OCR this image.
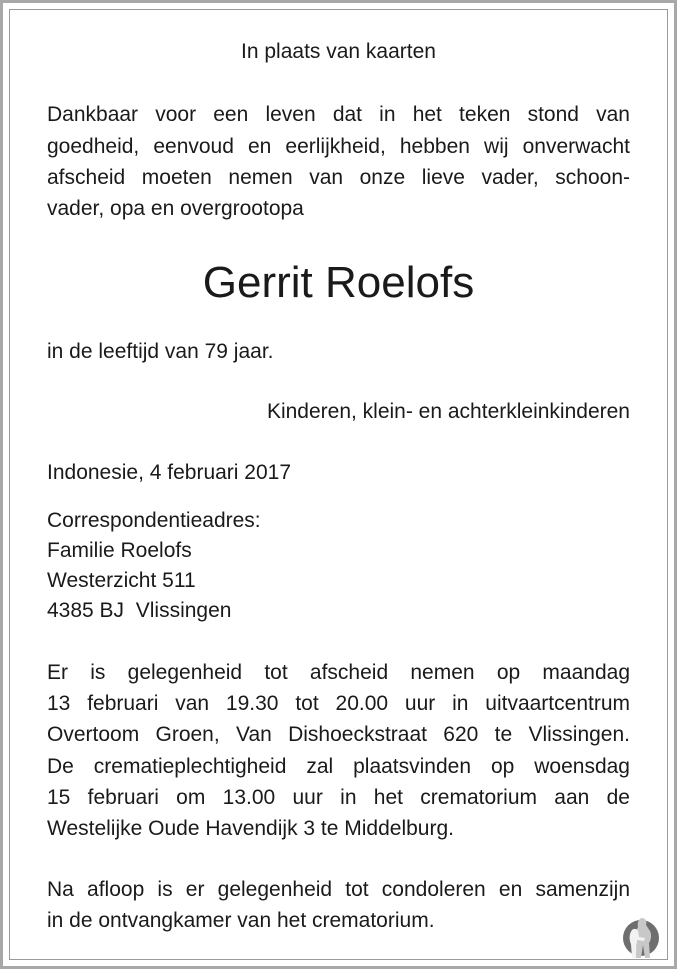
In plaats van kaarten
Dankbaar voor een leven dat in het teken stond van
goedheid, eenvoud en eerlijkheid, hebben wij onverwacht
afscheid moeten nemen van onze lieve vader, schoon-
vader, opa en overgrootopa
Gerrit Roelofs
in de leeftijd van 79 jaar.
Kinderen, klein- en achterkleinkinderen
Indonesie, 4 februari 2017
Correspondentieadres:
Familie Roelofs
Westerzicht 511
4385 BJ  Vlissingen
Er is gelegenheid tot afscheid nemen op maandag
13 februari van 19.30 tot 20.00 uur in uitvaartcentrum
Overtoom Groen, Van Dishoeckstraat 620 te Vlissingen.
De crematieplechtigheid zal plaatsvinden op woensdag
15 februari om 13.00 uur in het crematorium aan de
Westelijke Oude Havendijk 3 te Middelburg.
Na afloop is er gelegenheid tot condoleren en samenzijn
in de ontvangkamer van het crematorium.
